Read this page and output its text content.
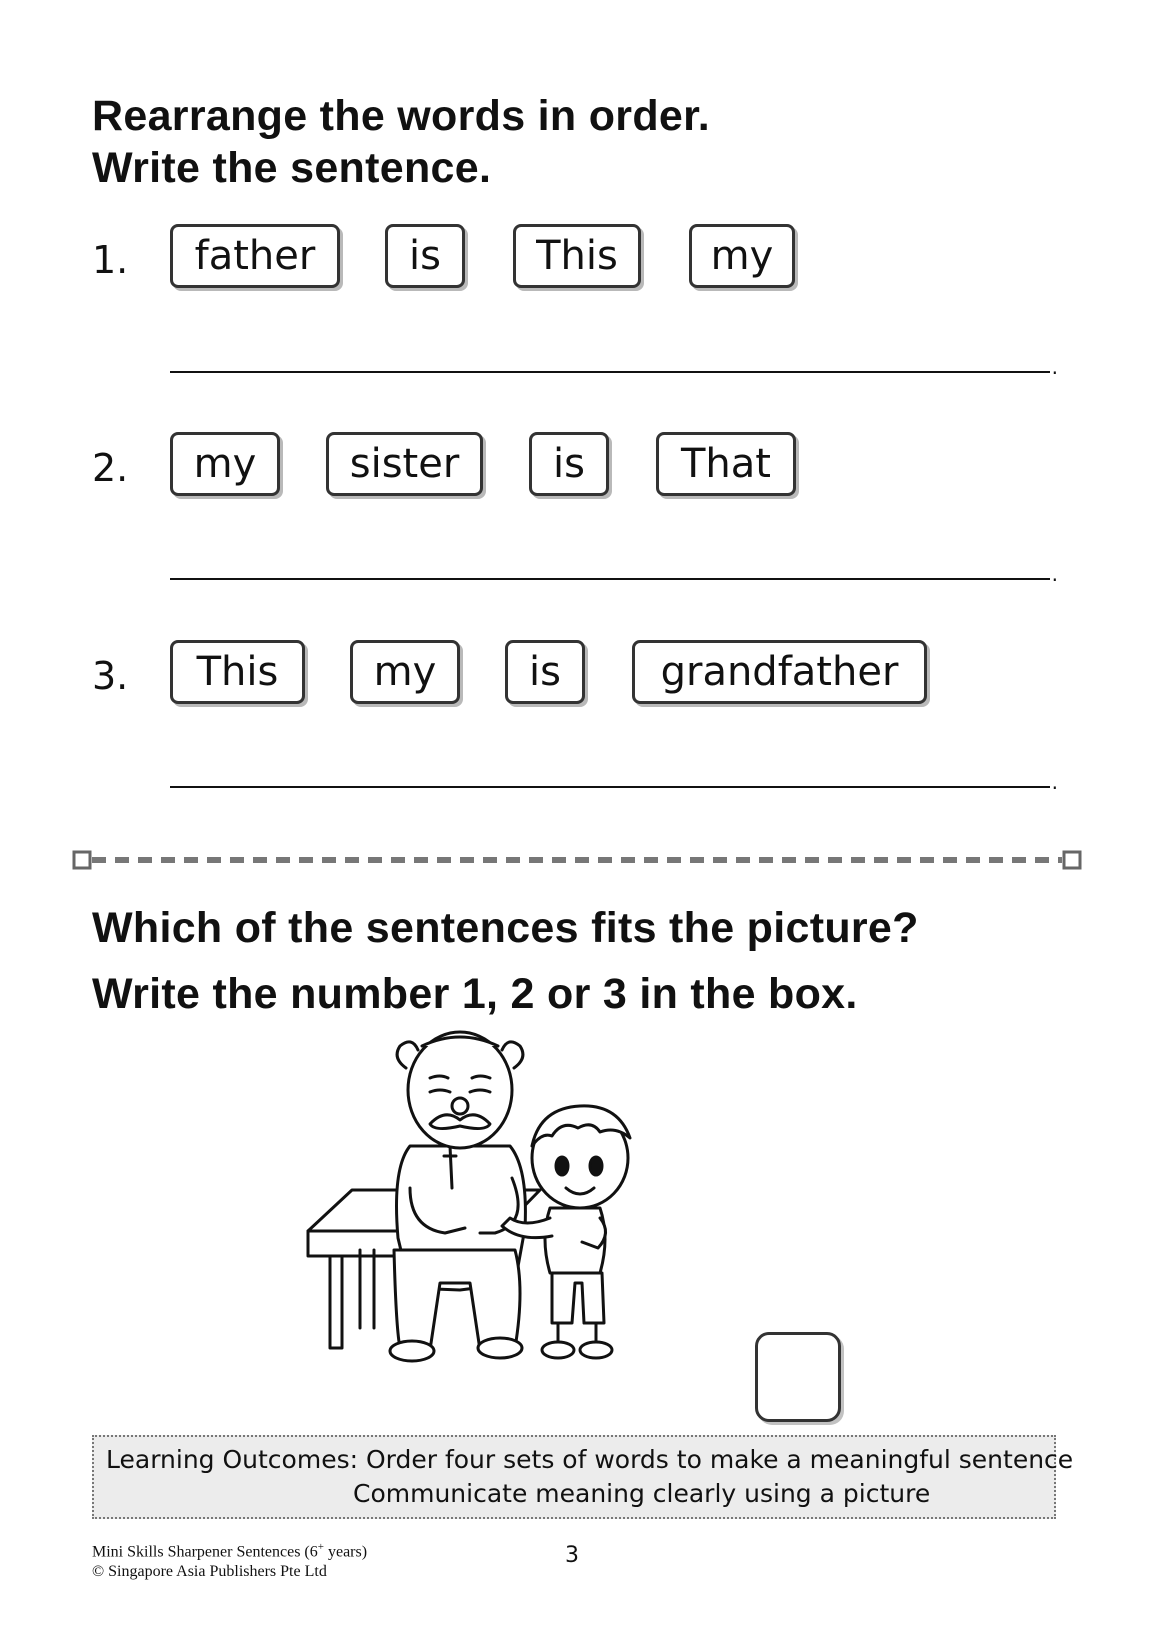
Rearrange the words in order.
Write the sentence.
1.	father	is	This	my
.
2.	my	sister	is	That
.
3.	This	my	is	grandfather
.
Which of the sentences fits the picture?
Write the number 1, 2 or 3 in the box.
Learning Outcomes: Order four sets of words to make a meaningful sentence
Communicate meaning clearly using a picture
Mini Skills Sharpener Sentences (6+ years)
© Singapore Asia Publishers Pte Ltd
3
